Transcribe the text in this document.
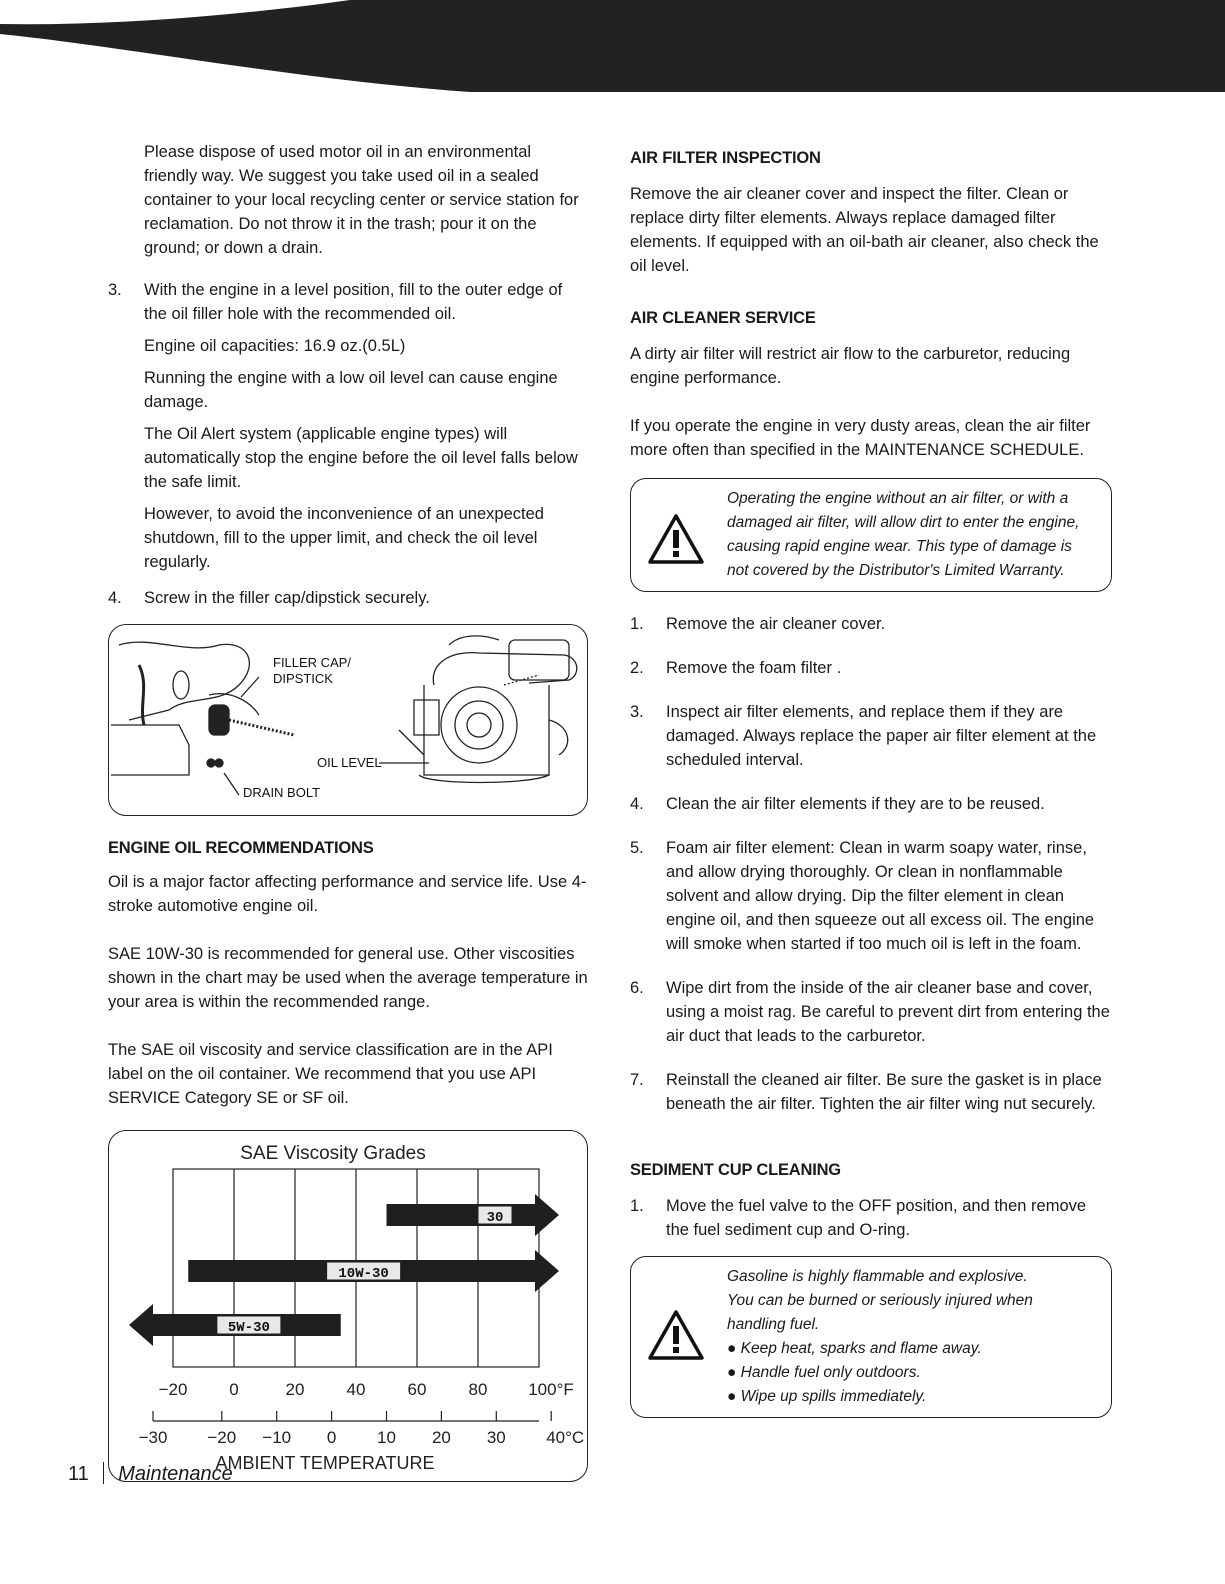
Please dispose of used motor oil in an environmental friendly way. We suggest you take used oil in a sealed container to your local recycling center or service station for reclamation. Do not throw it in the trash; pour it on the ground; or down a drain.

3. With the engine in a level position, fill to the outer edge of the oil filler hole with the recommended oil.

Engine oil capacities: 16.9 oz.(0.5L)

Running the engine with a low oil level can cause engine damage.

The Oil Alert system (applicable engine types) will automatically stop the engine before the oil level falls below the safe limit.

However, to avoid the inconvenience of an unexpected shutdown, fill to the upper limit, and check the oil level regularly.

4. Screw in the filler cap/dipstick securely.
FILLER CAP/
DIPSTICK
OIL LEVEL
DRAIN BOLT
ENGINE OIL RECOMMENDATIONS

Oil is a major factor affecting performance and service life. Use 4-stroke automotive engine oil.

SAE 10W-30 is recommended for general use. Other viscosities shown in the chart may be used when the average temperature in your area is within the recommended range.

The SAE oil viscosity and service classification are in the API label on the oil container. We recommend that you use API SERVICE Category SE or SF oil.

SAE Viscosity Grades
30
10W-30
5W-30
−20 0	20 40 60 80 100°F
−30 −20 −10 0 10 20 30 40°C
AMBIENT TEMPERATURE
AIR FILTER INSPECTION

Remove the air cleaner cover and inspect the filter. Clean or replace dirty filter elements. Always replace damaged filter elements. If equipped with an oil-bath air cleaner, also check the oil level.

AIR CLEANER SERVICE

A dirty air filter will restrict air flow to the carburetor, reducing engine performance.

If you operate the engine in very dusty areas, clean the air filter more often than specified in the MAINTENANCE SCHEDULE.

Operating the engine without an air filter, or with a damaged air filter, will allow dirt to enter the engine, causing rapid engine wear. This type of damage is not covered by the Distributor's Limited Warranty.

1. Remove the air cleaner cover.
2. Remove the foam filter .
3. Inspect air filter elements, and replace them if they are damaged. Always replace the paper air filter element at the scheduled interval.
4. Clean the air filter elements if they are to be reused.
5. Foam air filter element: Clean in warm soapy water, rinse, and allow drying thoroughly. Or clean in nonflammable solvent and allow drying. Dip the filter element in clean engine oil, and then squeeze out all excess oil. The engine will smoke when started if too much oil is left in the foam.
6. Wipe dirt from the inside of the air cleaner base and cover, using a moist rag. Be careful to prevent dirt from entering the air duct that leads to the carburetor.
7. Reinstall the cleaned air filter. Be sure the gasket is in place beneath the air filter. Tighten the air filter wing nut securely.
SEDIMENT CUP CLEANING
1. Move the fuel valve to the OFF position, and then remove the fuel sediment cup and O-ring.

Gasoline is highly flammable and explosive.

You can be burned or seriously injured when handling fuel.

● Keep heat, sparks and flame away.

● Handle fuel only outdoors.

● Wipe up spills immediately.

11 Maintenance
